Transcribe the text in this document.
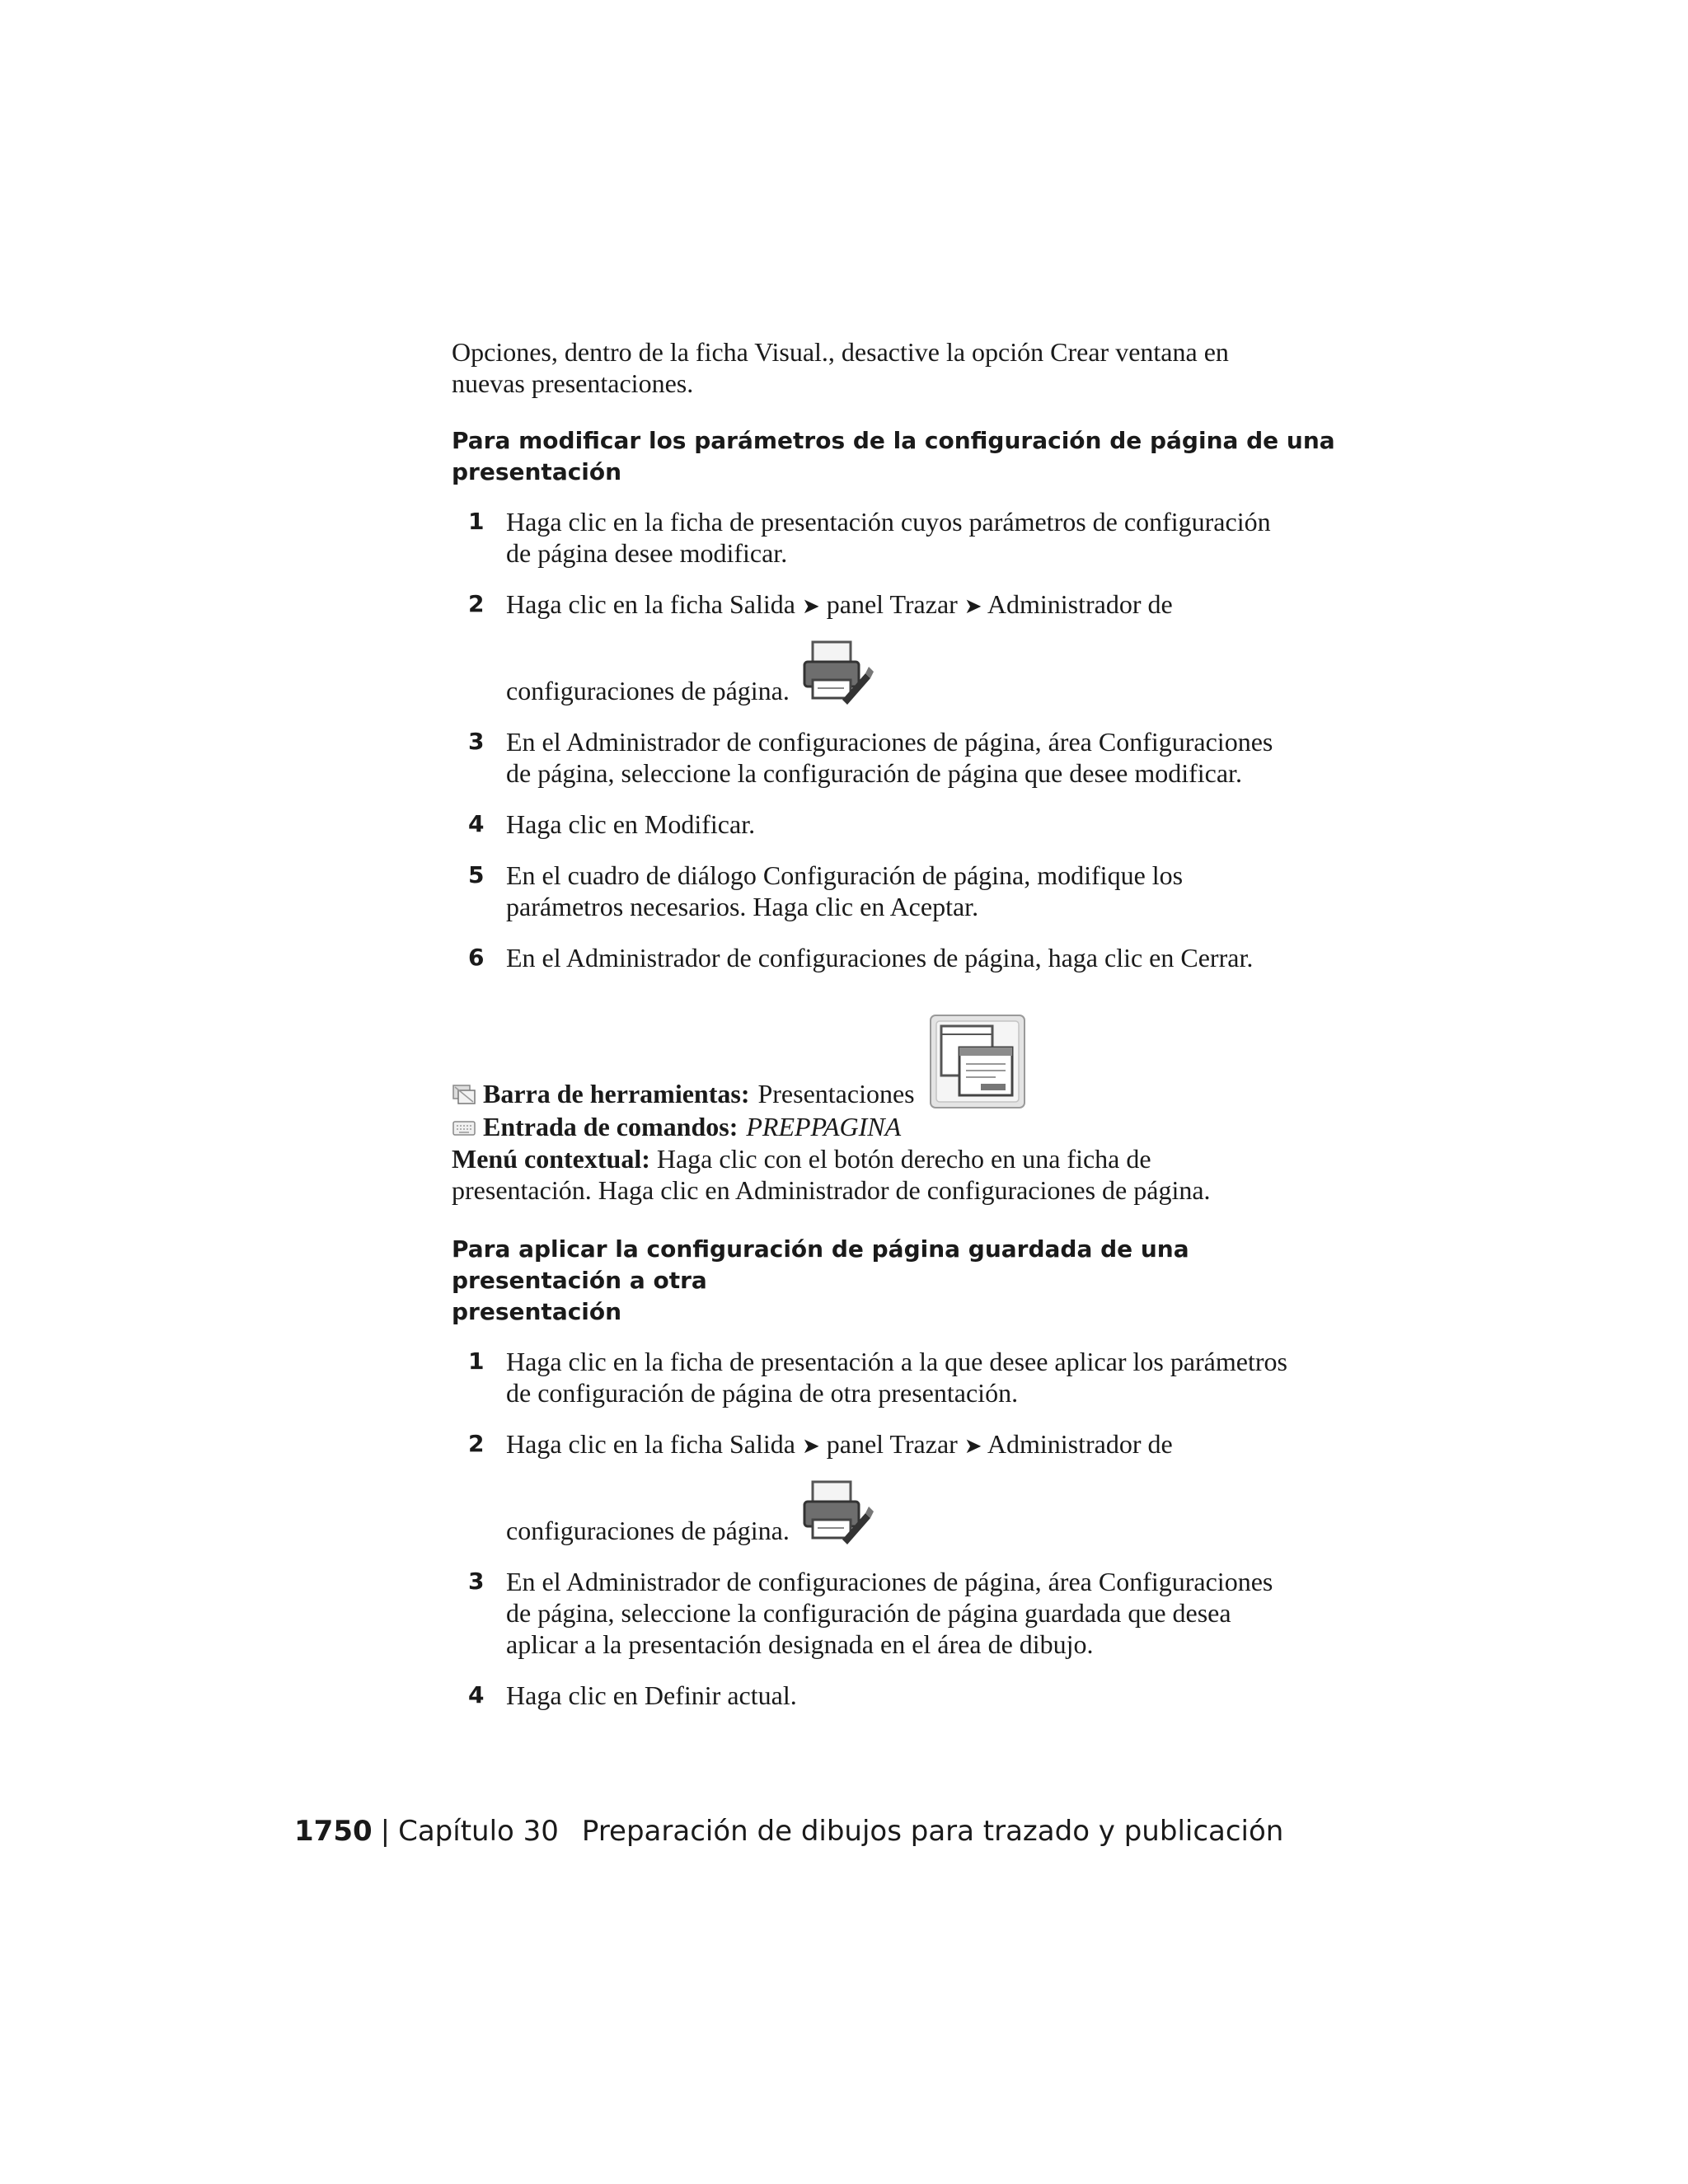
Opciones, dentro de la ficha Visual., desactive la opción Crear ventana en
nuevas presentaciones.

Para modificar los parámetros de la configuración de página de una
presentación

1 Haga clic en la ficha de presentación cuyos parámetros de configuración
de página desee modificar.
2 Haga clic en la ficha Salida ➤ panel Trazar ➤ Administrador de
configuraciones de página.
3 En el Administrador de configuraciones de página, área Configuraciones
de página, seleccione la configuración de página que desee modificar.
4 Haga clic en Modificar.
5 En el cuadro de diálogo Configuración de página, modifique los
parámetros necesarios. Haga clic en Aceptar.
6 En el Administrador de configuraciones de página, haga clic en Cerrar.
Barra de herramientas: Presentaciones
Entrada de comandos: PREPPAGINA

Menú contextual: Haga clic con el botón derecho en una ficha de
presentación. Haga clic en Administrador de configuraciones de página.

Para aplicar la configuración de página guardada de una presentación a otra
presentación

1 Haga clic en la ficha de presentación a la que desee aplicar los parámetros
de configuración de página de otra presentación.
2 Haga clic en la ficha Salida ➤ panel Trazar ➤ Administrador de
configuraciones de página.
3 En el Administrador de configuraciones de página, área Configuraciones
de página, seleccione la configuración de página guardada que desea
aplicar a la presentación designada en el área de dibujo.
4 Haga clic en Definir actual.
1750 | Capítulo 30 Preparación de dibujos para trazado y publicación
